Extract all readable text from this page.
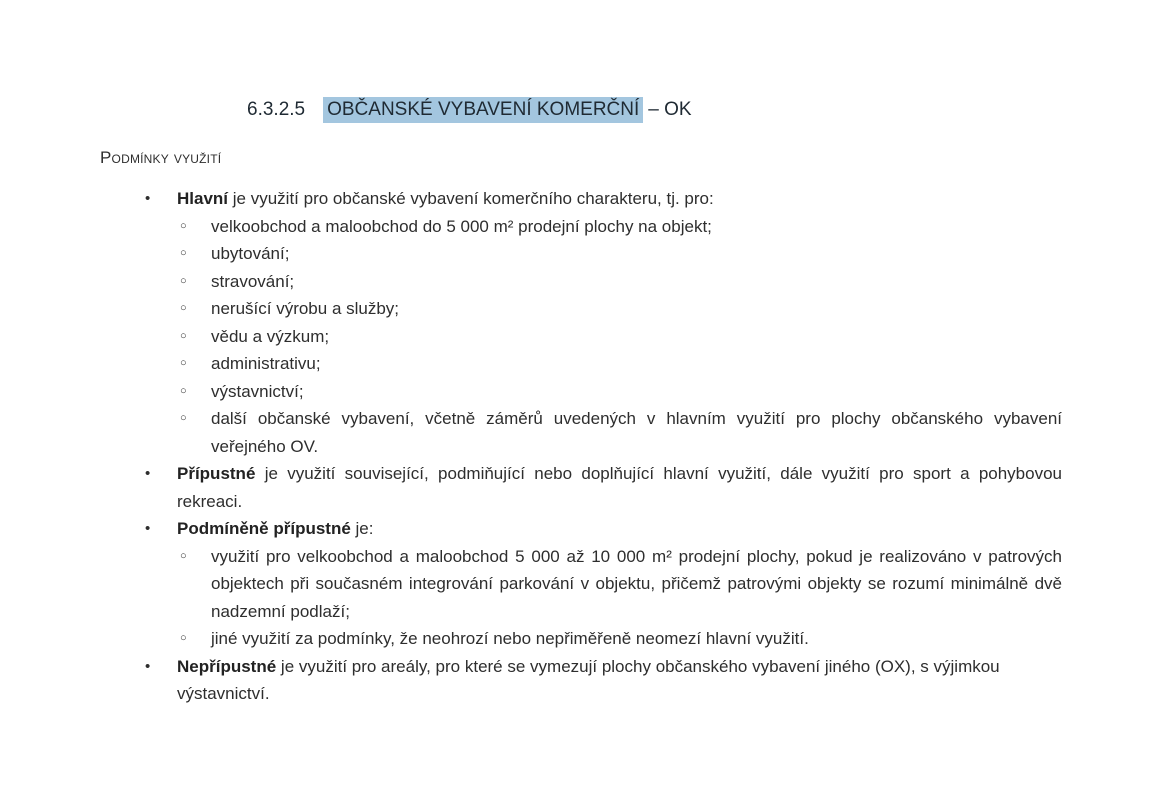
6.3.2.5 OBČANSKÉ VYBAVENÍ KOMERČNÍ – OK
Podmínky využití
•	Hlavní je využití pro občanské vybavení komerčního charakteru, tj. pro:
○	velkoobchod a maloobchod do 5 000 m² prodejní plochy na objekt;
○	ubytování;
○	stravování;
○	nerušící výrobu a služby;
○	vědu a výzkum;
○	administrativu;
○	výstavnictví;
○	další občanské vybavení, včetně záměrů uvedených v hlavním využití pro plochy občanského vybavení veřejného OV.
•	Přípustné je využití související, podmiňující nebo doplňující hlavní využití, dále využití pro sport a pohybovou rekreaci.
•	Podmíněně přípustné je:
○	využití pro velkoobchod a maloobchod 5 000 až 10 000 m² prodejní plochy, pokud je realizováno v patrových objektech při současném integrování parkování v objektu, přičemž patrovými objekty se rozumí minimálně dvě nadzemní podlaží;
○	jiné využití za podmínky, že neohrozí nebo nepřiměřeně neomezí hlavní využití.
•	Nepřípustné je využití pro areály, pro které se vymezují plochy občanského vybavení jiného (OX), s výjimkou výstavnictví.
